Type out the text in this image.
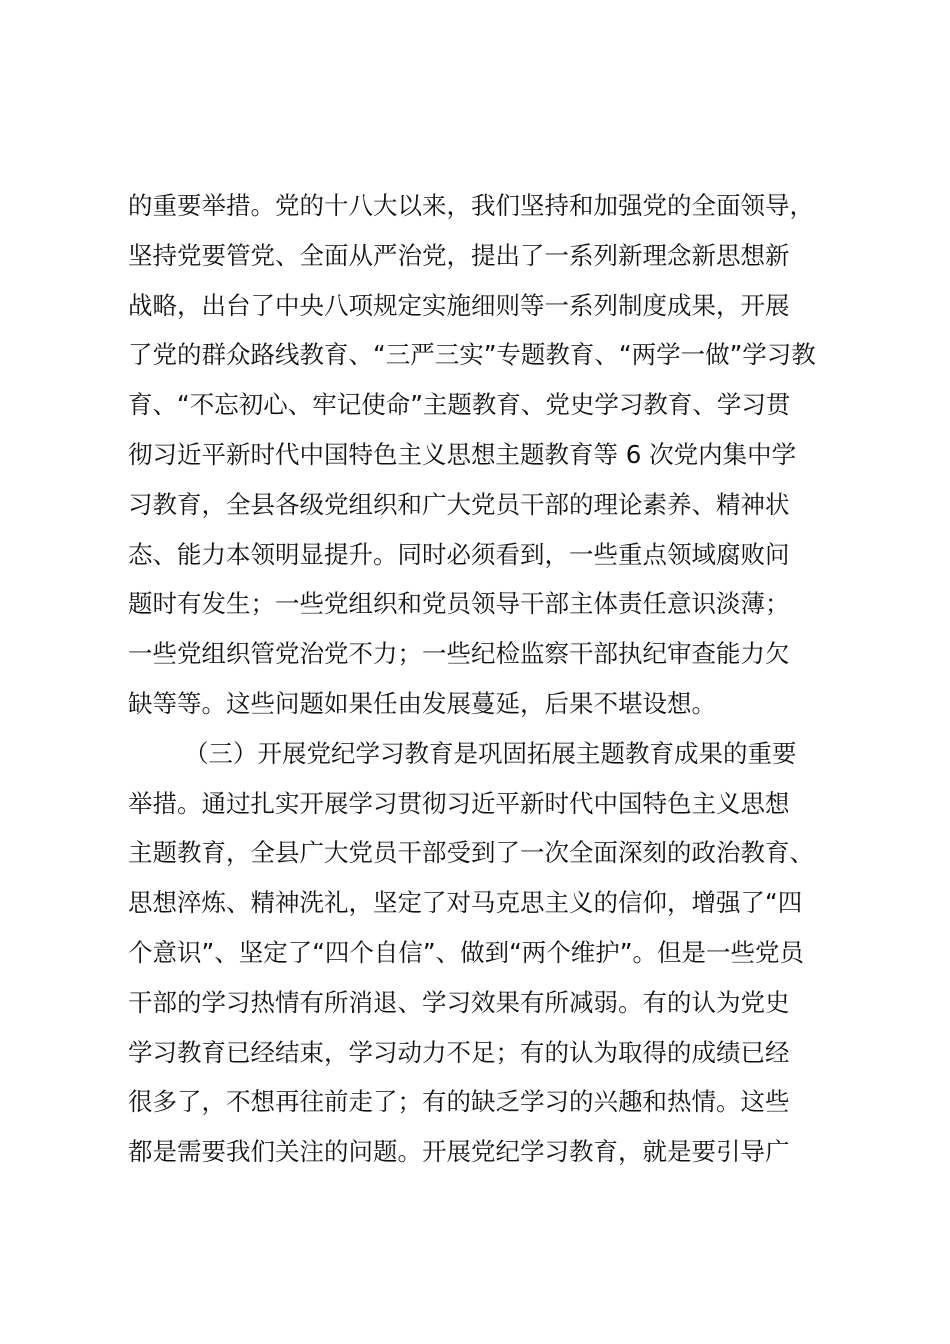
的重要举措。党的十八大以来，我们坚持和加强党的全面领导，
坚持党要管党、全面从严治党，提出了一系列新理念新思想新
战略，出台了中央八项规定实施细则等一系列制度成果，开展
了党的群众路线教育、“三严三实”专题教育、“两学一做”学习教
育、“不忘初心、牢记使命”主题教育、党史学习教育、学习贯
彻习近平新时代中国特色主义思想主题教育等 6 次党内集中学
习教育，全县各级党组织和广大党员干部的理论素养、精神状
态、能力本领明显提升。同时必须看到，一些重点领域腐败问
题时有发生；一些党组织和党员领导干部主体责任意识淡薄；
一些党组织管党治党不力；一些纪检监察干部执纪审查能力欠
缺等等。这些问题如果任由发展蔓延，后果不堪设想。
（三）开展党纪学习教育是巩固拓展主题教育成果的重要
举措。通过扎实开展学习贯彻习近平新时代中国特色主义思想
主题教育，全县广大党员干部受到了一次全面深刻的政治教育、
思想淬炼、精神洗礼，坚定了对马克思主义的信仰，增强了“四
个意识”、坚定了“四个自信”、做到“两个维护”。但是一些党员
干部的学习热情有所消退、学习效果有所减弱。有的认为党史
学习教育已经结束，学习动力不足；有的认为取得的成绩已经
很多了，不想再往前走了；有的缺乏学习的兴趣和热情。这些
都是需要我们关注的问题。开展党纪学习教育，就是要引导广
